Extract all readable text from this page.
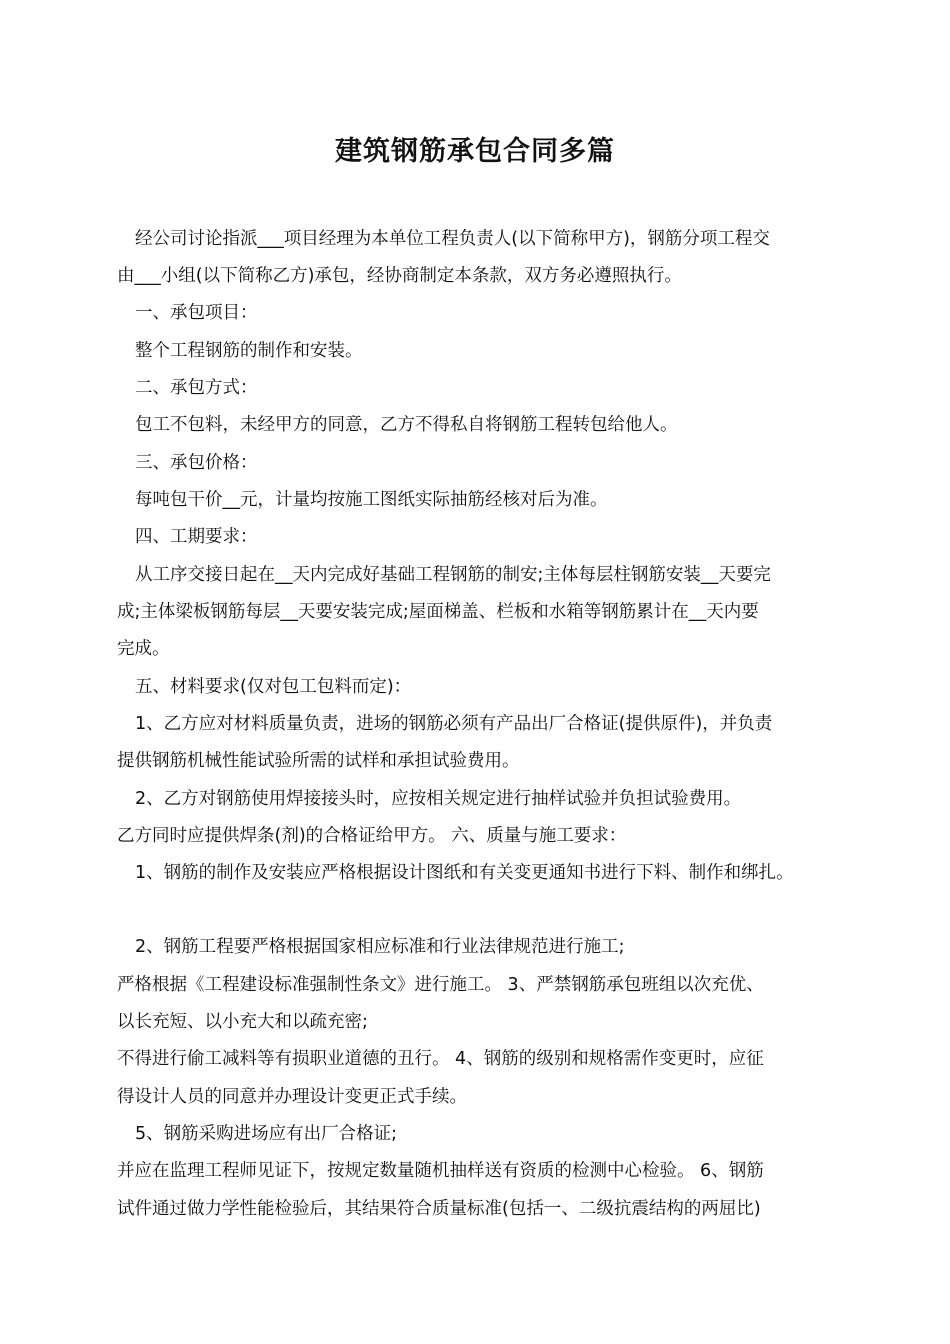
建筑钢筋承包合同多篇

经公司讨论指派___项目经理为本单位工程负责人(以下简称甲方)，钢筋分项工程交

由___小组(以下简称乙方)承包，经协商制定本条款，双方务必遵照执行。

一、承包项目：

整个工程钢筋的制作和安装。

二、承包方式：

包工不包料，未经甲方的同意，乙方不得私自将钢筋工程转包给他人。

三、承包价格：

每吨包干价__元，计量均按施工图纸实际抽筋经核对后为准。

四、工期要求：

从工序交接日起在__天内完成好基础工程钢筋的制安;主体每层柱钢筋安装__天要完

成;主体梁板钢筋每层__天要安装完成;屋面梯盖、栏板和水箱等钢筋累计在__天内要

完成。

五、材料要求(仅对包工包料而定)：

1、乙方应对材料质量负责，进场的钢筋必须有产品出厂合格证(提供原件)，并负责

提供钢筋机械性能试验所需的试样和承担试验费用。

2、乙方对钢筋使用焊接接头时，应按相关规定进行抽样试验并负担试验费用。

乙方同时应提供焊条(剂)的合格证给甲方。 六、质量与施工要求：

1、钢筋的制作及安装应严格根据设计图纸和有关变更通知书进行下料、制作和绑扎。

2、钢筋工程要严格根据国家相应标准和行业法律规范进行施工;

严格根据《工程建设标准强制性条文》进行施工。 3、严禁钢筋承包班组以次充优、

以长充短、以小充大和以疏充密;

不得进行偷工减料等有损职业道德的丑行。 4、钢筋的级别和规格需作变更时，应征

得设计人员的同意并办理设计变更正式手续。

5、钢筋采购进场应有出厂合格证;

并应在监理工程师见证下，按规定数量随机抽样送有资质的检测中心检验。 6、钢筋

试件通过做力学性能检验后，其结果符合质量标准(包括一、二级抗震结构的两屈比)
